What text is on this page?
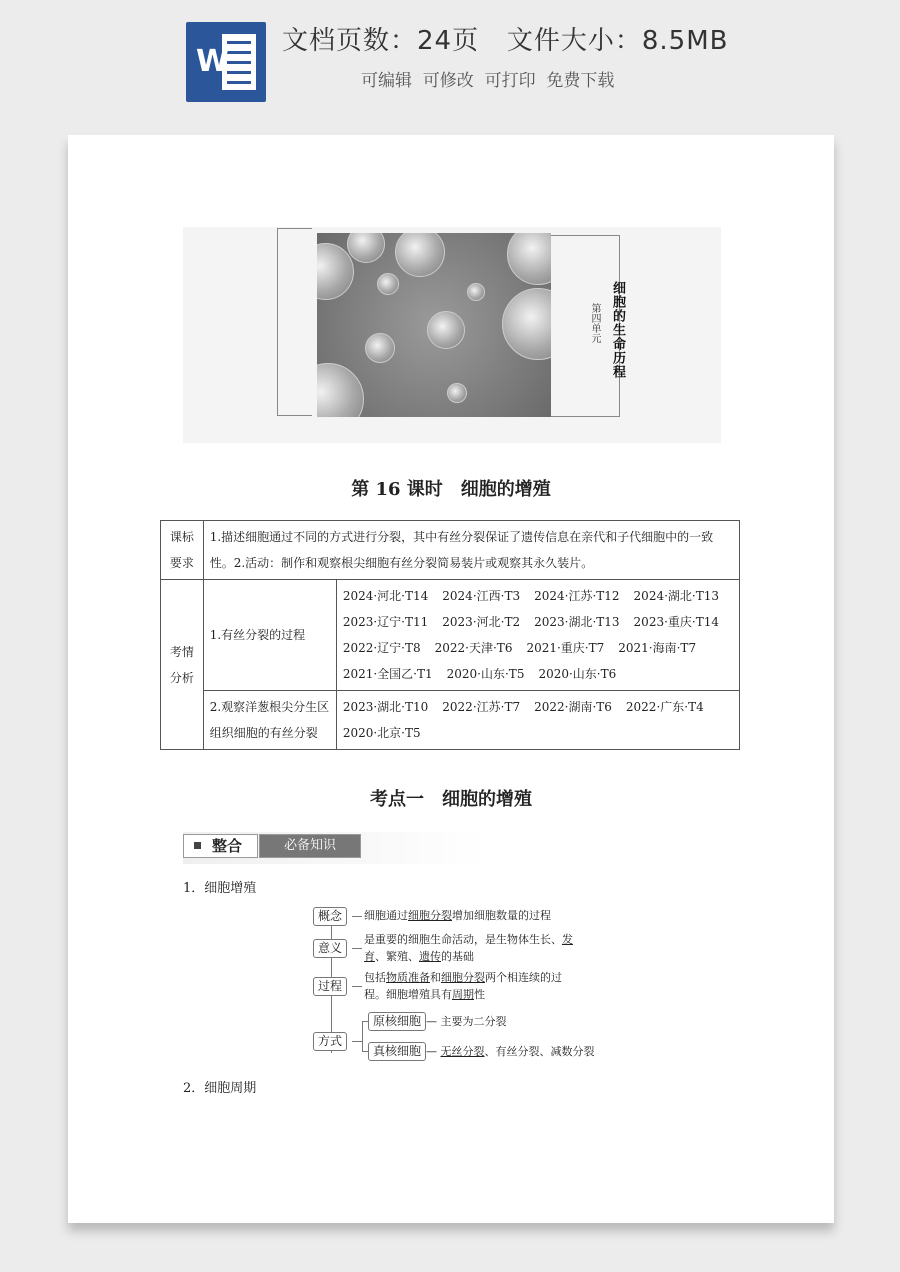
W
文档页数：24页   文件大小：8.5MB
可编辑  可修改  可打印  免费下载
第四单元 细胞的生命历程
第 16 课时　细胞的增殖
课标要求	1.描述细胞通过不同的方式进行分裂，其中有丝分裂保证了遗传信息在亲代和子代细胞中的一致性。2.活动：制作和观察根尖细胞有丝分裂简易装片或观察其永久装片。	
考情分析	1.有丝分裂的过程	2024·河北·T14 2024·江西·T3 2024·江苏·T12 2024·湖北·T13
2023·辽宁·T11 2023·河北·T2 2023·湖北·T13 2023·重庆·T14
2022·辽宁·T8 2022·天津·T6 2021·重庆·T7 2021·海南·T7
2021·全国乙·T1 2020·山东·T5 2020·山东·T6

	2.观察洋葱根尖分生区组织细胞的有丝分裂	2023·湖北·T10 2022·江苏·T7 2022·湖南·T6 2022·广东·T4
2020·北京·T5
考点一　细胞的增殖
整合	必备知识
1．细胞增殖
概念	细胞通过细胞分裂增加细胞数量的过程
意义
是重要的细胞生命活动，是生物体生长、发
育、繁殖、遗传的基础
过程
包括物质准备和细胞分裂两个相连续的过
程。细胞增殖具有周期性
方式
原核细胞 — 主要为二分裂
真核细胞 — 无丝分裂、有丝分裂、减数分裂
2．细胞周期
